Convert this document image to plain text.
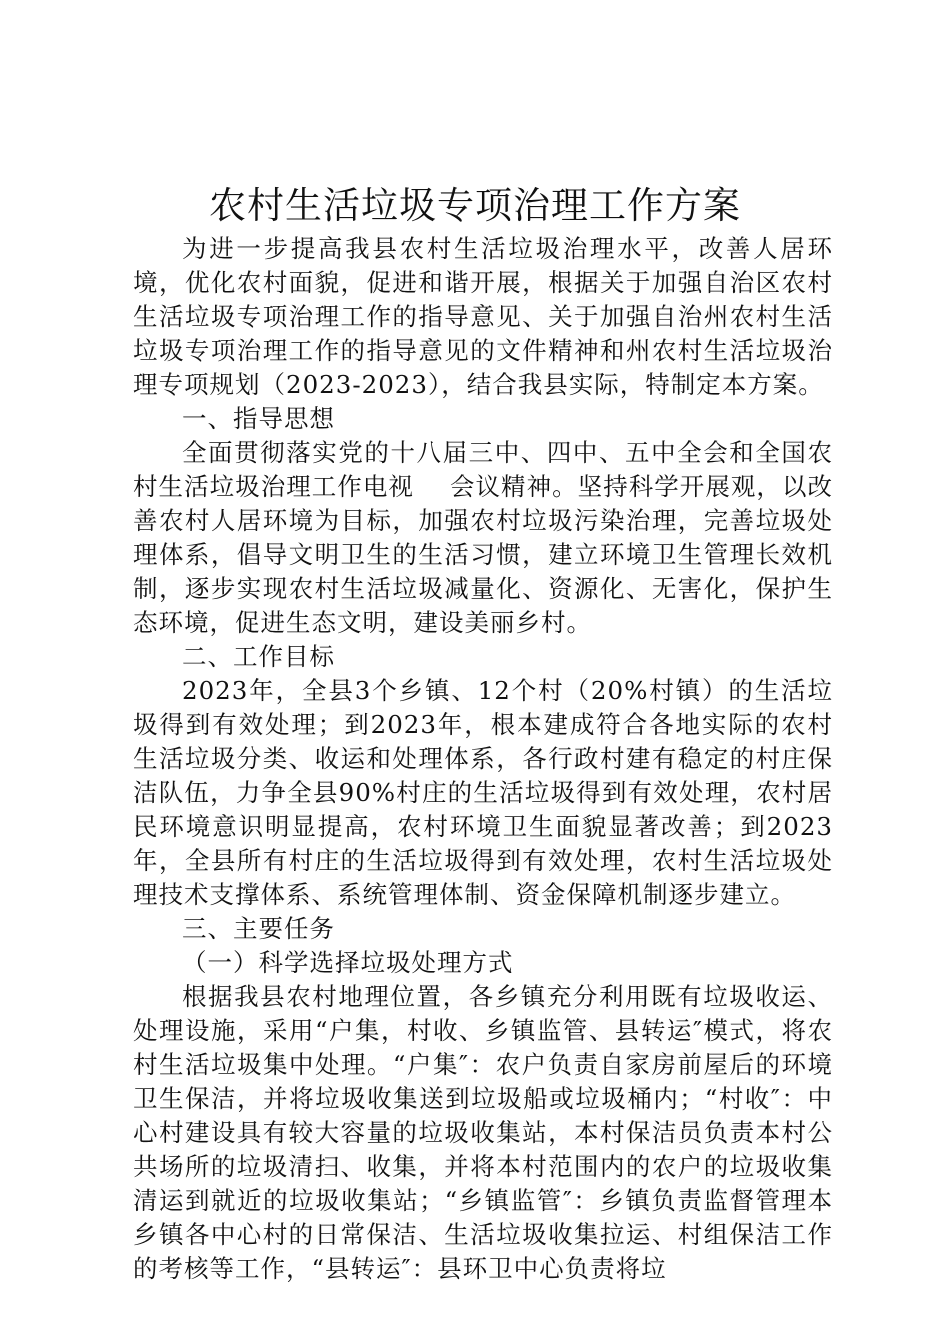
农村生活垃圾专项治理工作方案

为进一步提高我县农村生活垃圾治理水平，改善人居环境，优化农村面貌，促进和谐开展，根据关于加强自治区农村生活垃圾专项治理工作的指导意见、关于加强自治州农村生活垃圾专项治理工作的指导意见的文件精神和州农村生活垃圾治理专项规划（2023-2023），结合我县实际，特制定本方案。

一、指导思想

全面贯彻落实党的十八届三中、四中、五中全会和全国农村生活垃圾治理工作电视 会议精神。坚持科学开展观，以改善农村人居环境为目标，加强农村垃圾污染治理，完善垃圾处理体系，倡导文明卫生的生活习惯，建立环境卫生管理长效机制，逐步实现农村生活垃圾减量化、资源化、无害化，保护生态环境，促进生态文明，建设美丽乡村。

二、工作目标

2023年，全县3个乡镇、12个村（20%村镇）的生活垃圾得到有效处理；到2023年，根本建成符合各地实际的农村生活垃圾分类、收运和处理体系，各行政村建有稳定的村庄保洁队伍，力争全县90%村庄的生活垃圾得到有效处理，农村居民环境意识明显提高，农村环境卫生面貌显著改善；到2023年，全县所有村庄的生活垃圾得到有效处理，农村生活垃圾处理技术支撑体系、系统管理体制、资金保障机制逐步建立。

三、主要任务

（一）科学选择垃圾处理方式

根据我县农村地理位置，各乡镇充分利用既有垃圾收运、处理设施，采用“户集，村收、乡镇监管、县转运″模式，将农村生活垃圾集中处理。“户集″：农户负责自家房前屋后的环境卫生保洁，并将垃圾收集送到垃圾船或垃圾桶内；“村收″：中心村建设具有较大容量的垃圾收集站，本村保洁员负责本村公共场所的垃圾清扫、收集，并将本村范围内的农户的垃圾收集清运到就近的垃圾收集站；“乡镇监管″：乡镇负责监督管理本乡镇各中心村的日常保洁、生活垃圾收集拉运、村组保洁工作的考核等工作，“县转运″：县环卫中心负责将垃
